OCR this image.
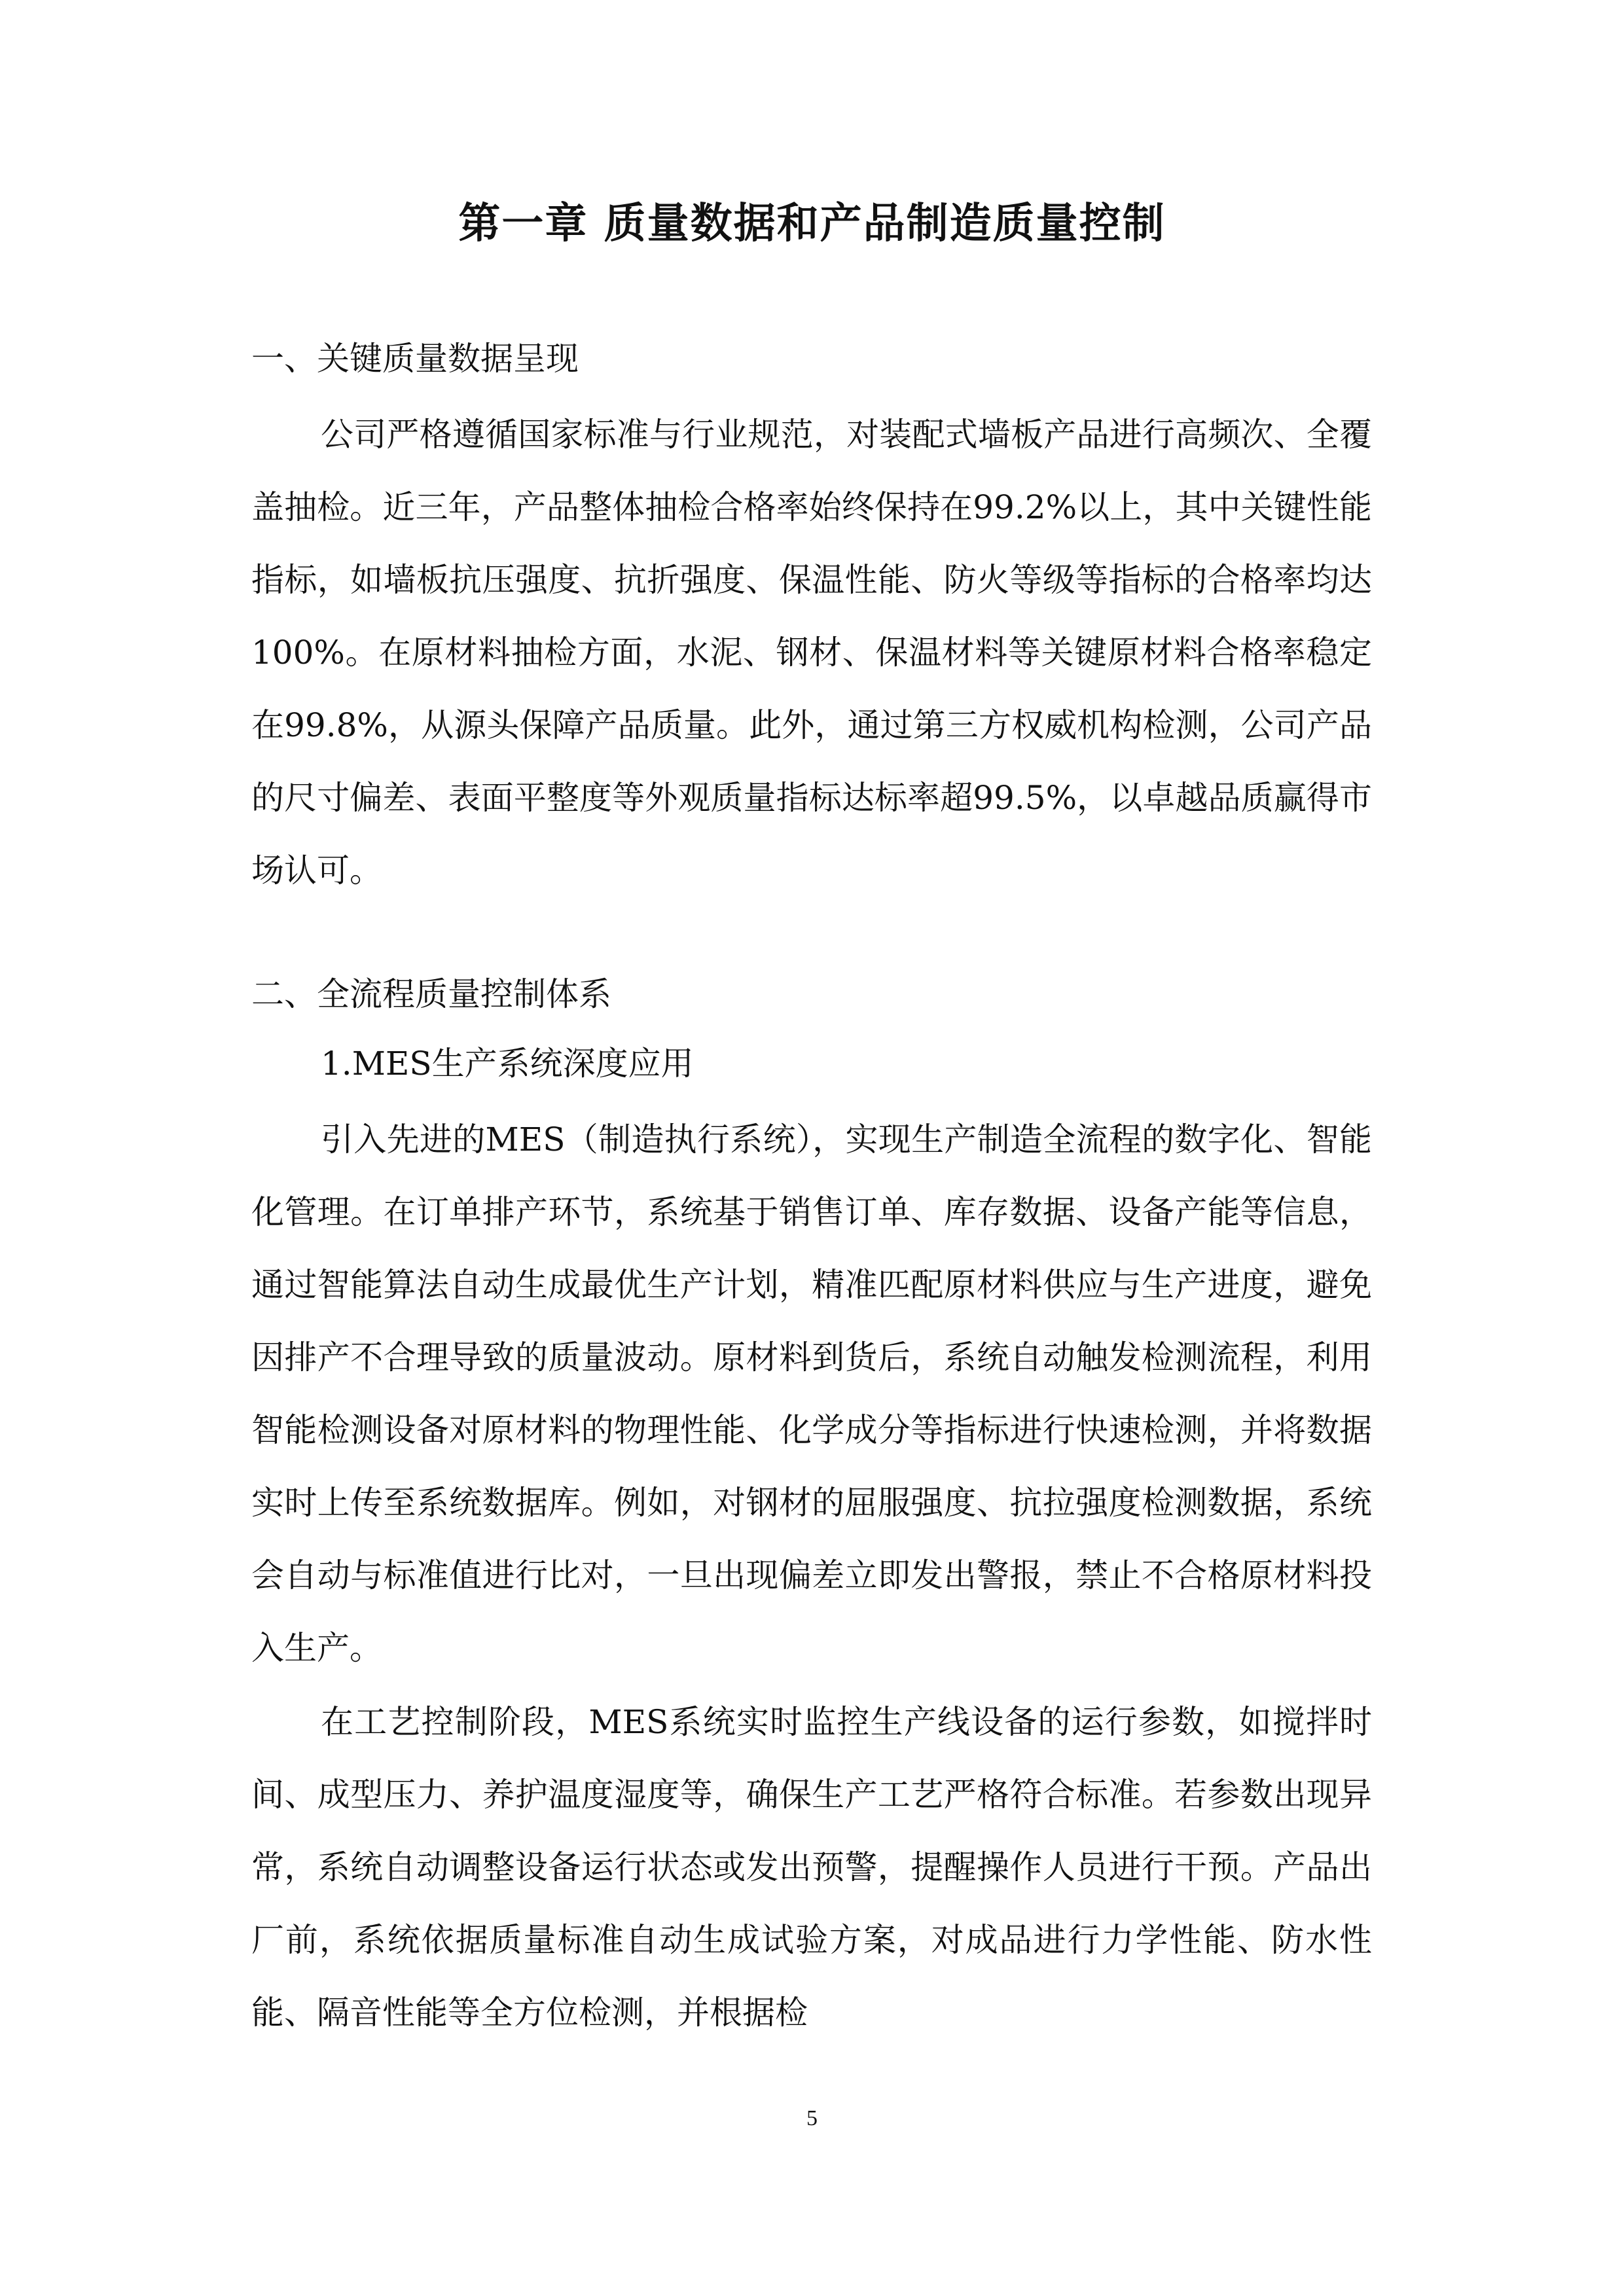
第一章 质量数据和产品制造质量控制
一、关键质量数据呈现

公司严格遵循国家标准与行业规范，对装配式墙板产品进行高频次、全覆盖抽检。近三年，产品整体抽检合格率始终保持在99.2%以上，其中关键性能指标，如墙板抗压强度、抗折强度、保温性能、防火等级等指标的合格率均达100%。在原材料抽检方面，水泥、钢材、保温材料等关键原材料合格率稳定在99.8%，从源头保障产品质量。此外，通过第三方权威机构检测，公司产品的尺寸偏差、表面平整度等外观质量指标达标率超99.5%，以卓越品质赢得市场认可。

二、全流程质量控制体系
1.MES生产系统深度应用

引入先进的MES（制造执行系统），实现生产制造全流程的数字化、智能化管理。在订单排产环节，系统基于销售订单、库存数据、设备产能等信息，通过智能算法自动生成最优生产计划，精准匹配原材料供应与生产进度，避免因排产不合理导致的质量波动。原材料到货后，系统自动触发检测流程，利用智能检测设备对原材料的物理性能、化学成分等指标进行快速检测，并将数据实时上传至系统数据库。例如，对钢材的屈服强度、抗拉强度检测数据，系统会自动与标准值进行比对，一旦出现偏差立即发出警报，禁止不合格原材料投入生产。

在工艺控制阶段，MES系统实时监控生产线设备的运行参数，如搅拌时间、成型压力、养护温度湿度等，确保生产工艺严格符合标准。若参数出现异常，系统自动调整设备运行状态或发出预警，提醒操作人员进行干预。产品出厂前，系统依据质量标准自动生成试验方案，对成品进行力学性能、防水性能、隔音性能等全方位检测，并根据检

5
